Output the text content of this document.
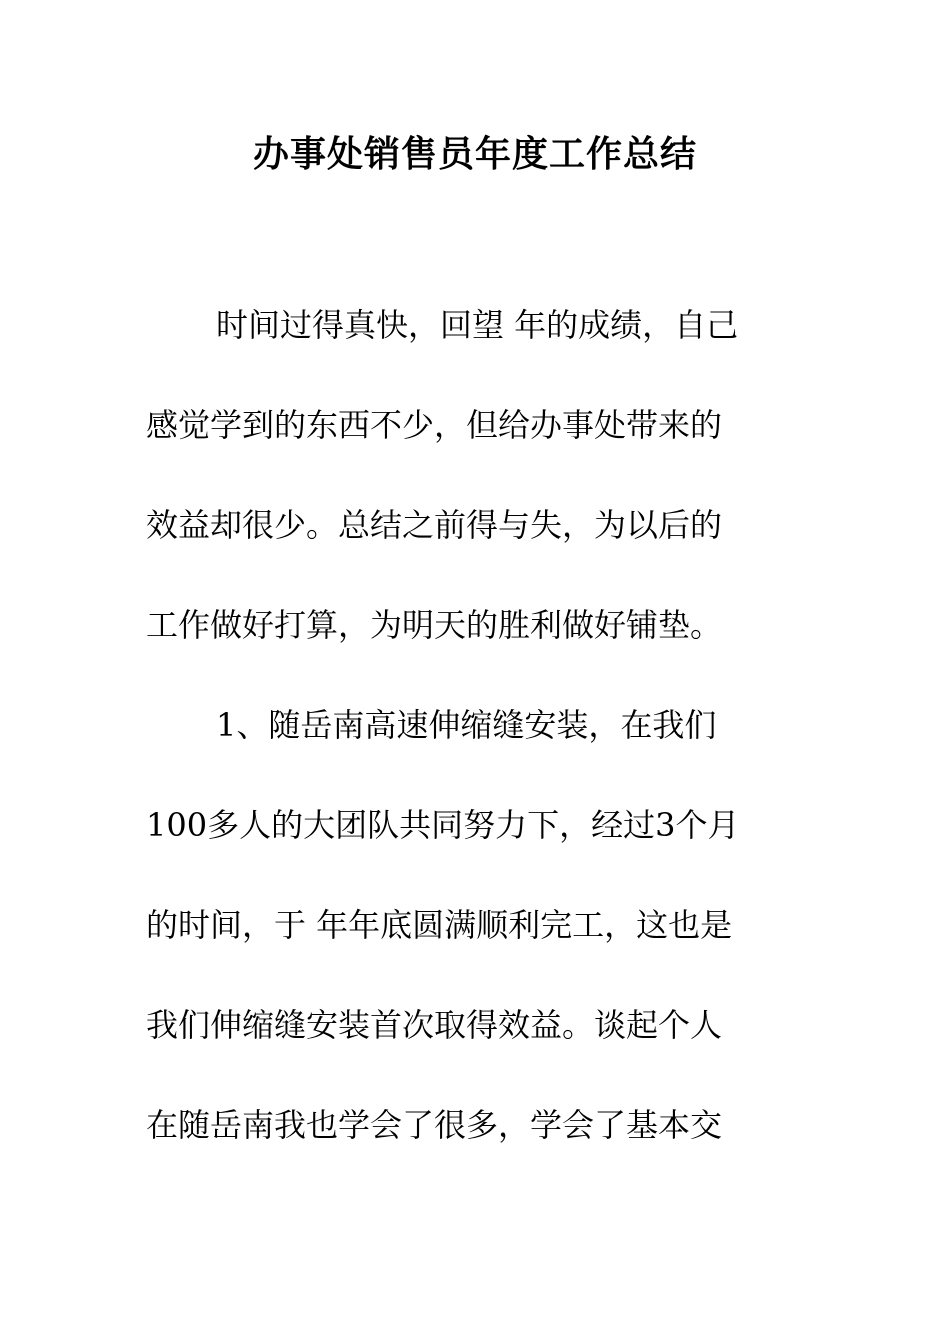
办事处销售员年度工作总结

时间过得真快，回望 年的成绩，自己

感觉学到的东西不少，但给办事处带来的

效益却很少。总结之前得与失，为以后的

工作做好打算，为明天的胜利做好铺垫。

1、随岳南高速伸缩缝安装，在我们

100多人的大团队共同努力下，经过3个月

的时间，于 年年底圆满顺利完工，这也是

我们伸缩缝安装首次取得效益。谈起个人

在随岳南我也学会了很多，学会了基本交
